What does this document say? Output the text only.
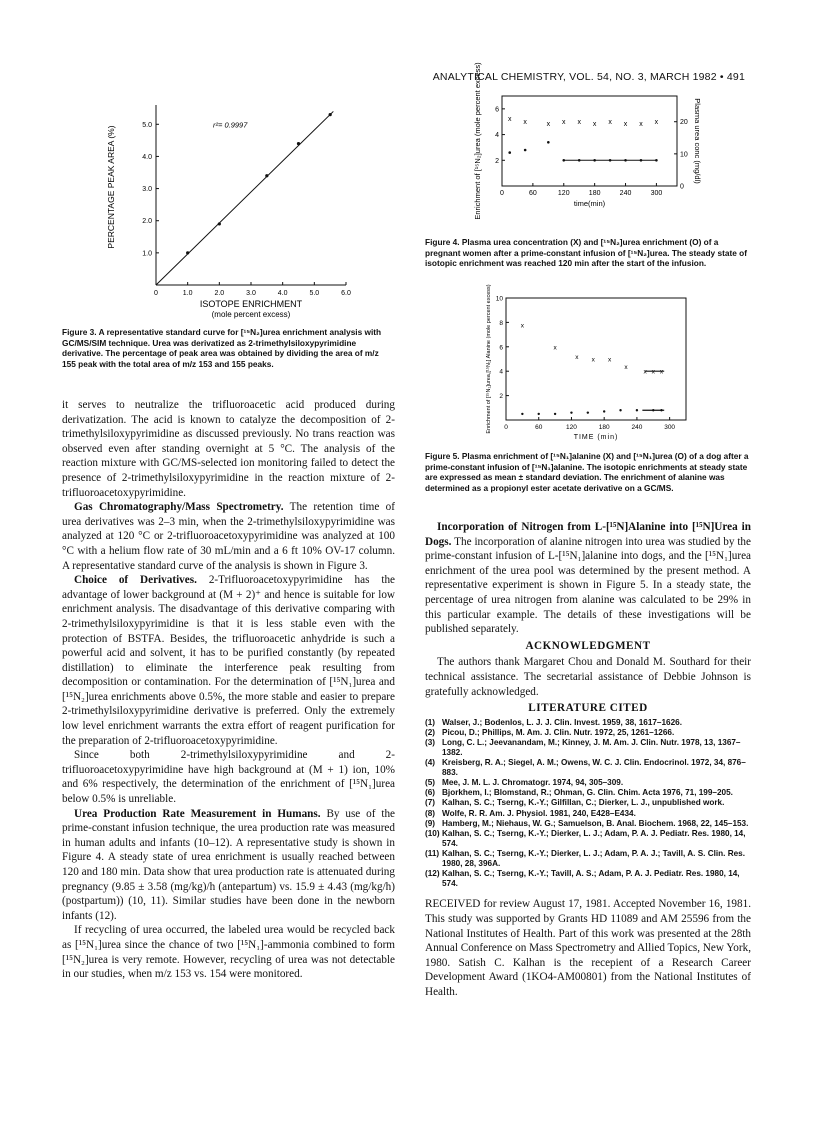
ANALYTICAL CHEMISTRY, VOL. 54, NO. 3, MARCH 1982 • 491
0	1.0	2.0	3.0	4.0	5.0	6.0
1.0
2.0
3.0
4.0
5.0
ISOTOPE ENRICHMENT
(mole percent excess)
PERCENTAGE PEAK AREA (%)
r²= 0.9997
Figure 3. A representative standard curve for [¹⁵N₂]urea enrichment analysis with GC/MS/SIM technique. Urea was derivatized as 2-trimethylsiloxypyrimidine derivative. The percentage of peak area was obtained by dividing the area of m/z 155 peak with the total area of m/z 153 and 155 peaks.
0	60	120	180	240	300
2
4
6
0
10
20
time(min)
Enrichment of [¹⁵N₂]urea (mole percent excess)	Plasma urea conc (mg/dl)
x x	x x x x x x x x
Figure 4. Plasma urea concentration (X) and [¹⁵N₂]urea enrichment (O) of a pregnant women after a prime-constant infusion of [¹⁵N₂]urea. The steady state of isotopic enrichment was reached 120 min after the start of the infusion.
0	60	120	180	240	300
2
4
6
8
10
TIME (min)
Enrichment of [¹⁵N₁]urea,[¹⁵N₁] Alanine (mole percent excess)	x
x
x x x
x
x x x
Figure 5. Plasma enrichment of [¹⁵N₁]alanine (X) and [¹⁵N₁]urea (O) of a dog after a prime-constant infusion of [¹⁵N₁]alanine. The isotopic enrichments at steady state are expressed as mean ± standard deviation. The enrichment of alanine was determined as a propionyl ester acetate derivative on a GC/MS.

it serves to neutralize the trifluoroacetic acid produced during derivatization. The acid is known to catalyze the decomposition of 2-trimethylsiloxypyrimidine as discussed previously. No trans reaction was observed even after standing overnight at 5 °C. The analysis of the reaction mixture with GC/MS-selected ion monitoring failed to detect the presence of 2-trimethylsiloxypyrimidine in the reaction mixture of 2-trifluoroacetoxypyrimidine.

Gas Chromatography/Mass Spectrometry. The retention time of urea derivatives was 2–3 min, when the 2-trimethylsiloxypyrimidine was analyzed at 120 °C or 2-trifluoroacetoxypyrimidine was analyzed at 100 °C with a helium flow rate of 30 mL/min and a 6 ft 10% OV-17 column. A representative standard curve of the analysis is shown in Figure 3.

Choice of Derivatives. 2-Trifluoroacetoxypyrimidine has the advantage of lower background at (M + 2)⁺ and hence is suitable for low enrichment analysis. The disadvantage of this derivative comparing with 2-trimethylsiloxypyrimidine is that it is less stable even with the protection of BSTFA. Besides, the trifluoroacetic anhydride is such a powerful acid and solvent, it has to be purified constantly (by repeated distillation) to eliminate the interference peak resulting from decomposition or contamination. For the determination of [¹⁵N₁]urea and [¹⁵N₂]urea enrichments above 0.5%, the more stable and easier to prepare 2-trimethylsiloxypyrimidine derivative is preferred. Only the extremely low level enrichment warrants the extra effort of reagent purification for the preparation of 2-trifluoroacetoxypyrimidine.

Since both 2-trimethylsiloxypyrimidine and 2-trifluoroacetoxypyrimidine have high background at (M + 1) ion, 10% and 6% respectively, the determination of the enrichment of [¹⁵N₁]urea below 0.5% is unreliable.

Urea Production Rate Measurement in Humans. By use of the prime-constant infusion technique, the urea production rate was measured in human adults and infants (10–12). A representative study is shown in Figure 4. A steady state of urea enrichment is usually reached between 120 and 180 min. Data show that urea production rate is attenuated during pregnancy (9.85 ± 3.58 (mg/kg)/h (antepartum) vs. 15.9 ± 4.43 (mg/kg/h) (postpartum)) (10, 11). Similar studies have been done in the newborn infants (12).

If recycling of urea occurred, the labeled urea would be recycled back as [¹⁵N₁]urea since the chance of two [¹⁵N₁]-ammonia combined to form [¹⁵N₂]urea is very remote. However, recycling of urea was not detectable in our studies, when m/z 153 vs. 154 were monitored.

Incorporation of Nitrogen from L-[¹⁵N]Alanine into [¹⁵N]Urea in Dogs. The incorporation of alanine nitrogen into urea was studied by the prime-constant infusion of L-[¹⁵N₁]alanine into dogs, and the [¹⁵N₁]urea enrichment of the urea pool was determined by the present method. A representative experiment is shown in Figure 5. In a steady state, the percentage of urea nitrogen from alanine was calculated to be 29% in this particular example. The details of these investigations will be published separately.

ACKNOWLEDGMENT

The authors thank Margaret Chou and Donald M. Southard for their technical assistance. The secretarial assistance of Debbie Johnson is gratefully acknowledged.

LITERATURE CITED
(1) Walser, J.; Bodenlos, L. J. J. Clin. Invest. 1959, 38, 1617–1626.
(2) Picou, D.; Phillips, M. Am. J. Clin. Nutr. 1972, 25, 1261–1266.
(3) Long, C. L.; Jeevanandam, M.; Kinney, J. M. Am. J. Clin. Nutr. 1978, 13, 1367–1382.
(4) Kreisberg, R. A.; Siegel, A. M.; Owens, W. C. J. Clin. Endocrinol. 1972, 34, 876–883.
(5) Mee, J. M. L. J. Chromatogr. 1974, 94, 305–309.
(6) Bjorkhem, I.; Blomstand, R.; Ohman, G. Clin. Chim. Acta 1976, 71, 199–205.
(7) Kalhan, S. C.; Tserng, K.-Y.; Gilfillan, C.; Dierker, L. J., unpublished work.
(8) Wolfe, R. R. Am. J. Physiol. 1981, 240, E428–E434.
(9) Hamberg, M.; Niehaus, W. G.; Samuelson, B. Anal. Biochem. 1968, 22, 145–153.
(10) Kalhan, S. C.; Tserng, K.-Y.; Dierker, L. J.; Adam, P. A. J. Pediatr. Res. 1980, 14, 574.
(11) Kalhan, S. C.; Tserng, K.-Y.; Dierker, L. J.; Adam, P. A. J.; Tavill, A. S. Clin. Res. 1980, 28, 396A.
(12) Kalhan, S. C.; Tserng, K.-Y.; Tavill, A. S.; Adam, P. A. J. Pediatr. Res. 1980, 14, 574.

RECEIVED for review August 17, 1981. Accepted November 16, 1981. This study was supported by Grants HD 11089 and AM 25596 from the National Institutes of Health. Part of this work was presented at the 28th Annual Conference on Mass Spectrometry and Allied Topics, New York, 1980. Satish C. Kalhan is the recepient of a Research Career Development Award (1KO4-AM00801) from the National Institutes of Health.
